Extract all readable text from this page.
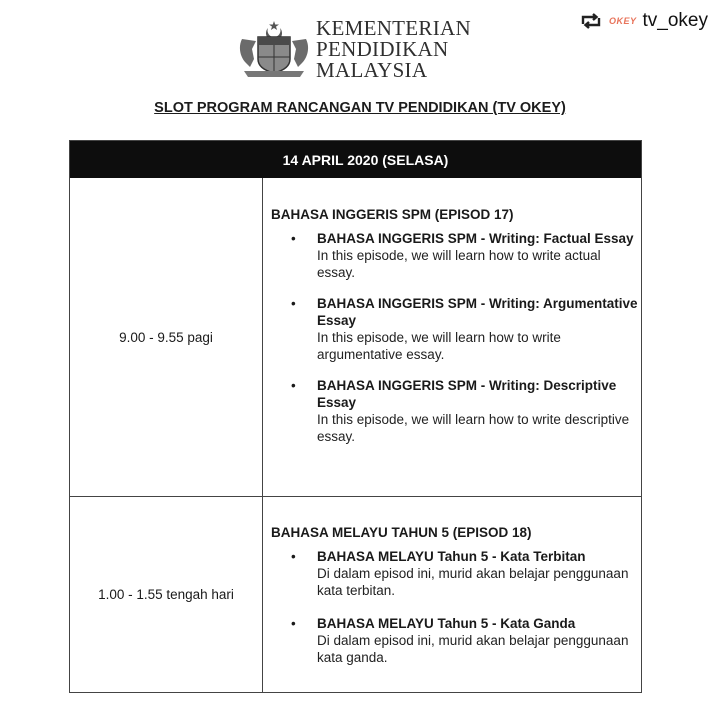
OKEY tv_okey
KEMENTERIAN
PENDIDIKAN
MALAYSIA
SLOT PROGRAM RANCANGAN TV PENDIDIKAN (TV OKEY)
14 APRIL 2020 (SELASA)
9.00 - 9.55 pagi
BAHASA INGGERIS SPM (EPISOD 17)
• BAHASA INGGERIS SPM - Writing: Factual Essay
In this episode, we will learn how to write actual essay.
• BAHASA INGGERIS SPM - Writing: Argumentative Essay
In this episode, we will learn how to write argumentative essay.
• BAHASA INGGERIS SPM - Writing: Descriptive Essay
In this episode, we will learn how to write descriptive essay.
1.00 - 1.55 tengah hari
BAHASA MELAYU TAHUN 5 (EPISOD 18)
• BAHASA MELAYU Tahun 5 - Kata Terbitan
Di dalam episod ini, murid akan belajar penggunaan kata terbitan.
• BAHASA MELAYU Tahun 5 - Kata Ganda
Di dalam episod ini, murid akan belajar penggunaan kata ganda.
